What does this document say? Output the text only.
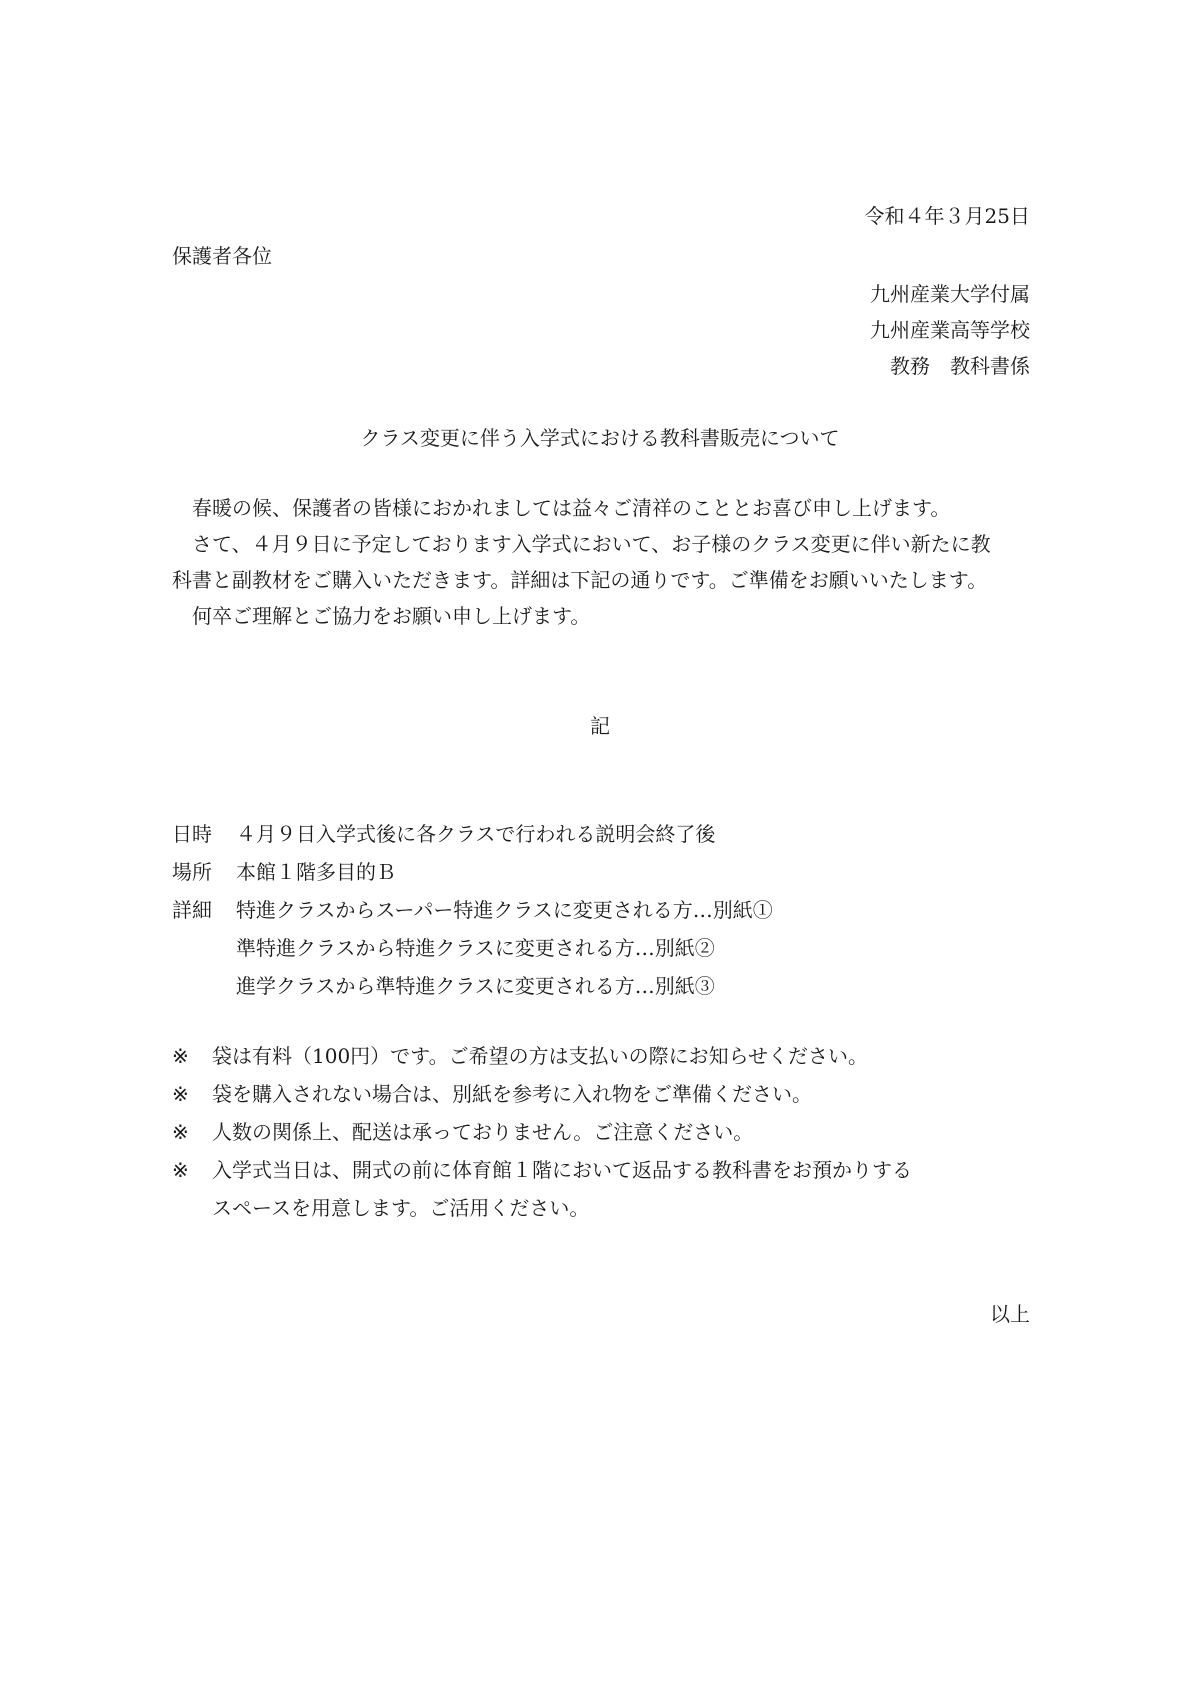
令和４年３月25日
保護者各位
九州産業大学付属
九州産業高等学校
教務　教科書係
クラス変更に伴う入学式における教科書販売について
　春暖の候、保護者の皆様におかれましては益々ご清祥のこととお喜び申し上げます。
　さて、４月９日に予定しております入学式において、お子様のクラス変更に伴い新たに教
科書と副教材をご購入いただきます。詳細は下記の通りです。ご準備をお願いいたします。
　何卒ご理解とご協力をお願い申し上げます。
記
日時 ４月９日入学式後に各クラスで行われる説明会終了後
場所 本館１階多目的Ｂ
詳細 特進クラスからスーパー特進クラスに変更される方…別紙①
準特進クラスから特進クラスに変更される方…別紙②
進学クラスから準特進クラスに変更される方…別紙③
※ 袋は有料（100円）です。ご希望の方は支払いの際にお知らせください。
※ 袋を購入されない場合は、別紙を参考に入れ物をご準備ください。
※ 人数の関係上、配送は承っておりません。ご注意ください。
※ 入学式当日は、開式の前に体育館１階において返品する教科書をお預かりする
スペースを用意します。ご活用ください。
以上
